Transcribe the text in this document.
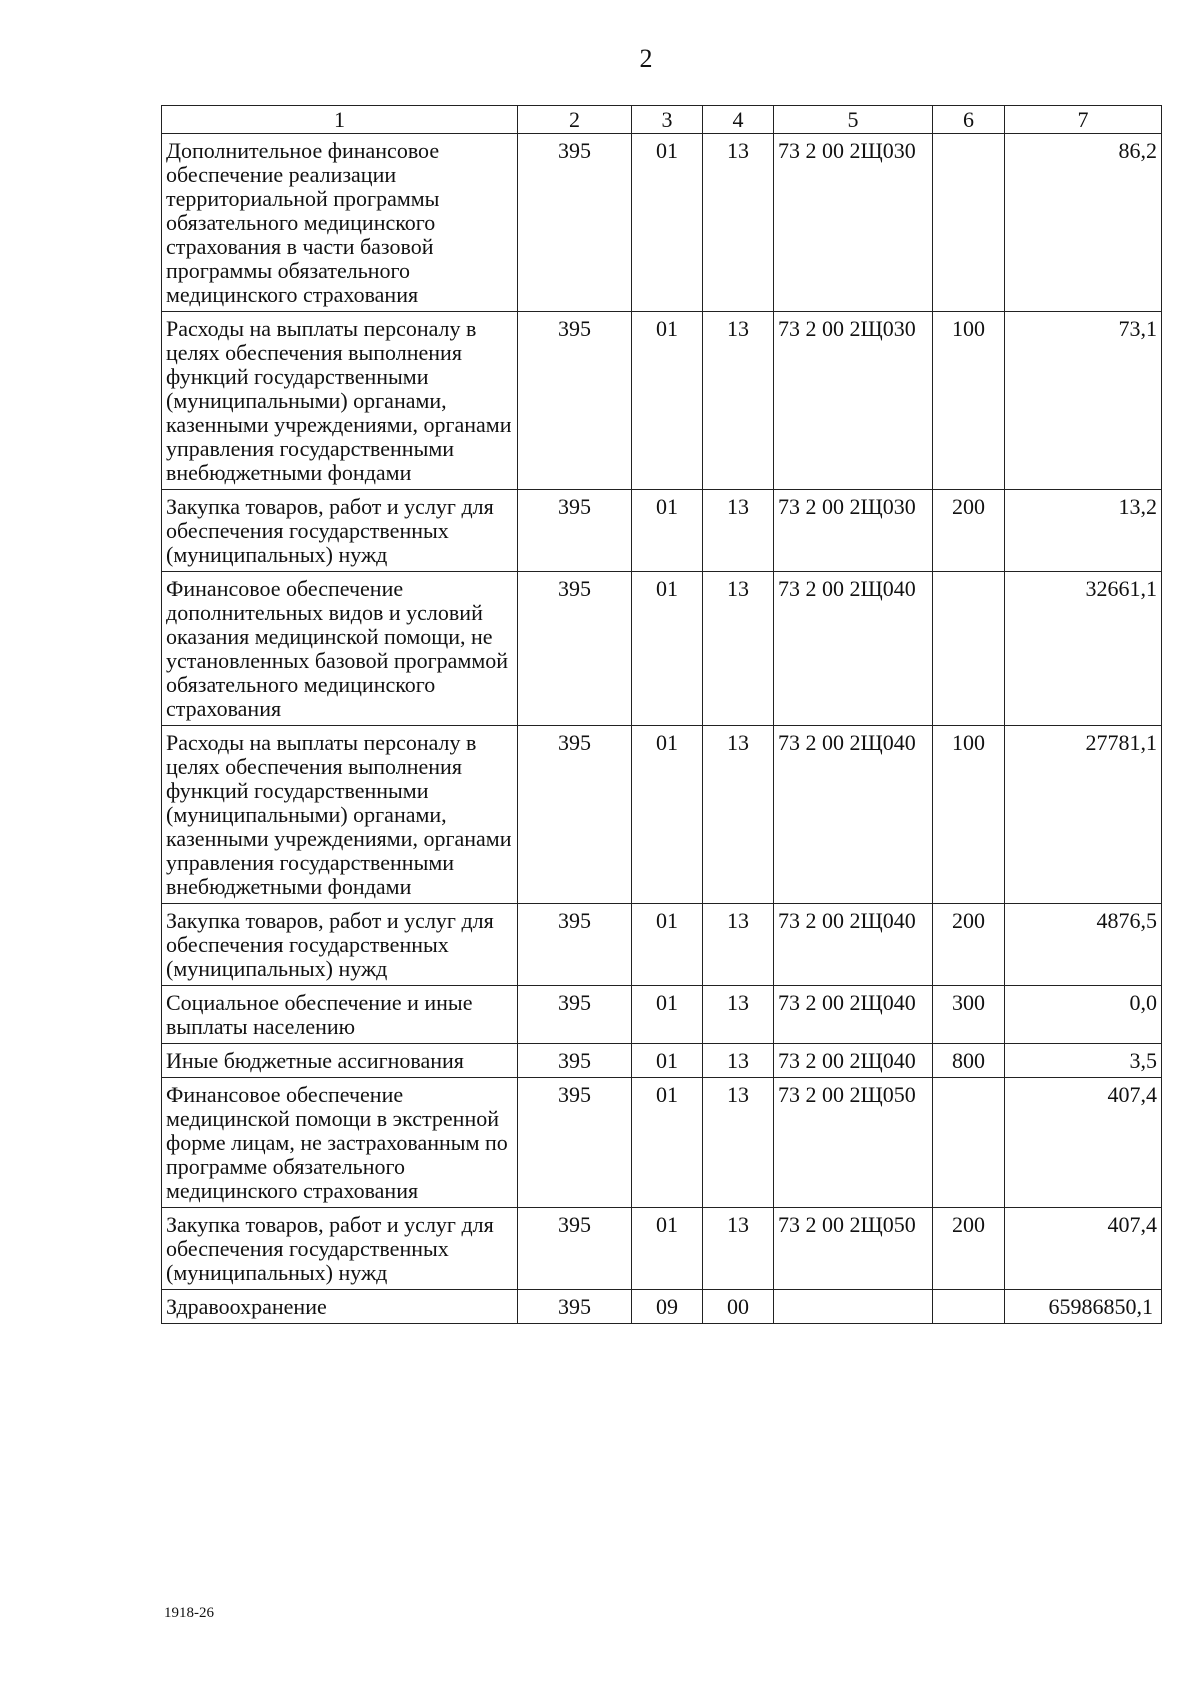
2
1	2	3	4	5	6	7
Дополнительное финансовое обеспечение реализации территориальной программы обязательного медицинского страхования в части базовой программы обязательного медицинского страхования	395	01	13	73 2 00 2Щ030		86,2
Расходы на выплаты персоналу в целях обеспечения выполнения функций государственными (муниципальными) органами, казенными учреждениями, органами управления государственными внебюджетными фондами	395	01	13	73 2 00 2Щ030	100	73,1
Закупка товаров, работ и услуг для обеспечения государственных (муниципальных) нужд	395	01	13	73 2 00 2Щ030	200	13,2
Финансовое обеспечение дополнительных видов и условий оказания медицинской помощи, не установленных базовой программой обязательного медицинского страхования	395	01	13	73 2 00 2Щ040		32661,1
Расходы на выплаты персоналу в целях обеспечения выполнения функций государственными (муниципальными) органами, казенными учреждениями, органами управления государственными внебюджетными фондами	395	01	13	73 2 00 2Щ040	100	27781,1
Закупка товаров, работ и услуг для обеспечения государственных (муниципальных) нужд	395	01	13	73 2 00 2Щ040	200	4876,5
Социальное обеспечение и иные выплаты населению	395	01	13	73 2 00 2Щ040	300	0,0
Иные бюджетные ассигнования	395	01	13	73 2 00 2Щ040	800	3,5
Финансовое обеспечение медицинской помощи в экстренной форме лицам, не застрахованным по программе обязательного медицинского страхования	395	01	13	73 2 00 2Щ050		407,4
Закупка товаров, работ и услуг для обеспечения государственных (муниципальных) нужд	395	01	13	73 2 00 2Щ050	200	407,4
Здравоохранение	395	09	00			65986850,1
1918-26
